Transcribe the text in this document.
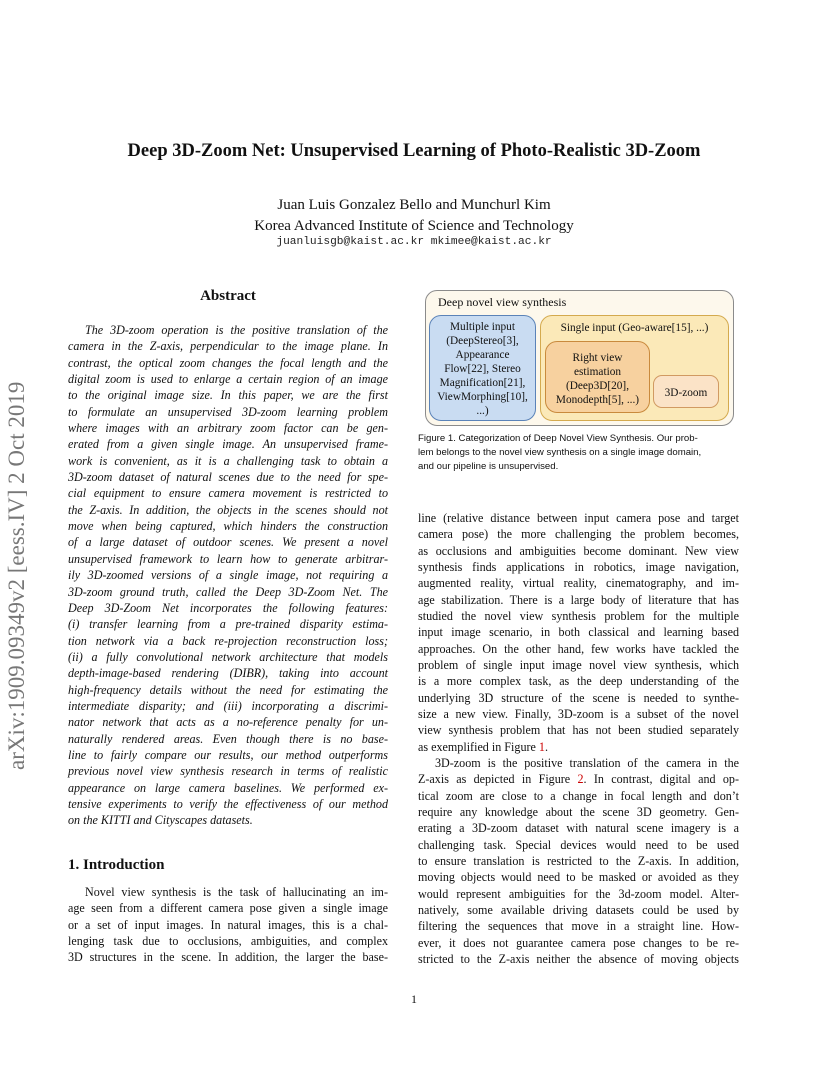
Deep 3D-Zoom Net: Unsupervised Learning of Photo-Realistic 3D-Zoom
Juan Luis Gonzalez Bello and Munchurl Kim
Korea Advanced Institute of Science and Technology
juanluisgb@kaist.ac.kr mkimee@kaist.ac.kr
arXiv:1909.09349v2 [eess.IV] 2 Oct 2019
Abstract
The 3D-zoom operation is the positive translation of the
camera in the Z-axis, perpendicular to the image plane. In
contrast, the optical zoom changes the focal length and the
digital zoom is used to enlarge a certain region of an image
to the original image size. In this paper, we are the first
to formulate an unsupervised 3D-zoom learning problem
where images with an arbitrary zoom factor can be gen-
erated from a given single image. An unsupervised frame-
work is convenient, as it is a challenging task to obtain a
3D-zoom dataset of natural scenes due to the need for spe-
cial equipment to ensure camera movement is restricted to
the Z-axis. In addition, the objects in the scenes should not
move when being captured, which hinders the construction
of a large dataset of outdoor scenes. We present a novel
unsupervised framework to learn how to generate arbitrar-
ily 3D-zoomed versions of a single image, not requiring a
3D-zoom ground truth, called the Deep 3D-Zoom Net. The
Deep 3D-Zoom Net incorporates the following features:
(i) transfer learning from a pre-trained disparity estima-
tion network via a back re-projection reconstruction loss;
(ii) a fully convolutional network architecture that models
depth-image-based rendering (DIBR), taking into account
high-frequency details without the need for estimating the
intermediate disparity; and (iii) incorporating a discrimi-
nator network that acts as a no-reference penalty for un-
naturally rendered areas. Even though there is no base-
line to fairly compare our results, our method outperforms
previous novel view synthesis research in terms of realistic
appearance on large camera baselines. We performed ex-
tensive experiments to verify the effectiveness of our method
on the KITTI and Cityscapes datasets.
1. Introduction
Novel view synthesis is the task of hallucinating an im-
age seen from a different camera pose given a single image
or a set of input images. In natural images, this is a chal-
lenging task due to occlusions, ambiguities, and complex
3D structures in the scene. In addition, the larger the base-
Deep novel view synthesis
Multiple input
(DeepStereo[3],
Appearance
Flow[22], Stereo
Magnification[21],
ViewMorphing[10],
...)
Single input (Geo-aware[15], ...)
Right view
estimation
(Deep3D[20],
Monodepth[5], ...)
3D-zoom
Figure 1. Categorization of Deep Novel View Synthesis. Our prob-
lem belongs to the novel view synthesis on a single image domain,
and our pipeline is unsupervised.
line (relative distance between input camera pose and target
camera pose) the more challenging the problem becomes,
as occlusions and ambiguities become dominant. New view
synthesis finds applications in robotics, image navigation,
augmented reality, virtual reality, cinematography, and im-
age stabilization. There is a large body of literature that has
studied the novel view synthesis problem for the multiple
input image scenario, in both classical and learning based
approaches. On the other hand, few works have tackled the
problem of single input image novel view synthesis, which
is a more complex task, as the deep understanding of the
underlying 3D structure of the scene is needed to synthe-
size a new view. Finally, 3D-zoom is a subset of the novel
view synthesis problem that has not been studied separately
as exemplified in Figure 1.
3D-zoom is the positive translation of the camera in the
Z-axis as depicted in Figure 2. In contrast, digital and op-
tical zoom are close to a change in focal length and don’t
require any knowledge about the scene 3D geometry. Gen-
erating a 3D-zoom dataset with natural scene imagery is a
challenging task. Special devices would need to be used
to ensure translation is restricted to the Z-axis. In addition,
moving objects would need to be masked or avoided as they
would represent ambiguities for the 3d-zoom model. Alter-
natively, some available driving datasets could be used by
filtering the sequences that move in a straight line. How-
ever, it does not guarantee camera pose changes to be re-
stricted to the Z-axis neither the absence of moving objects
1
